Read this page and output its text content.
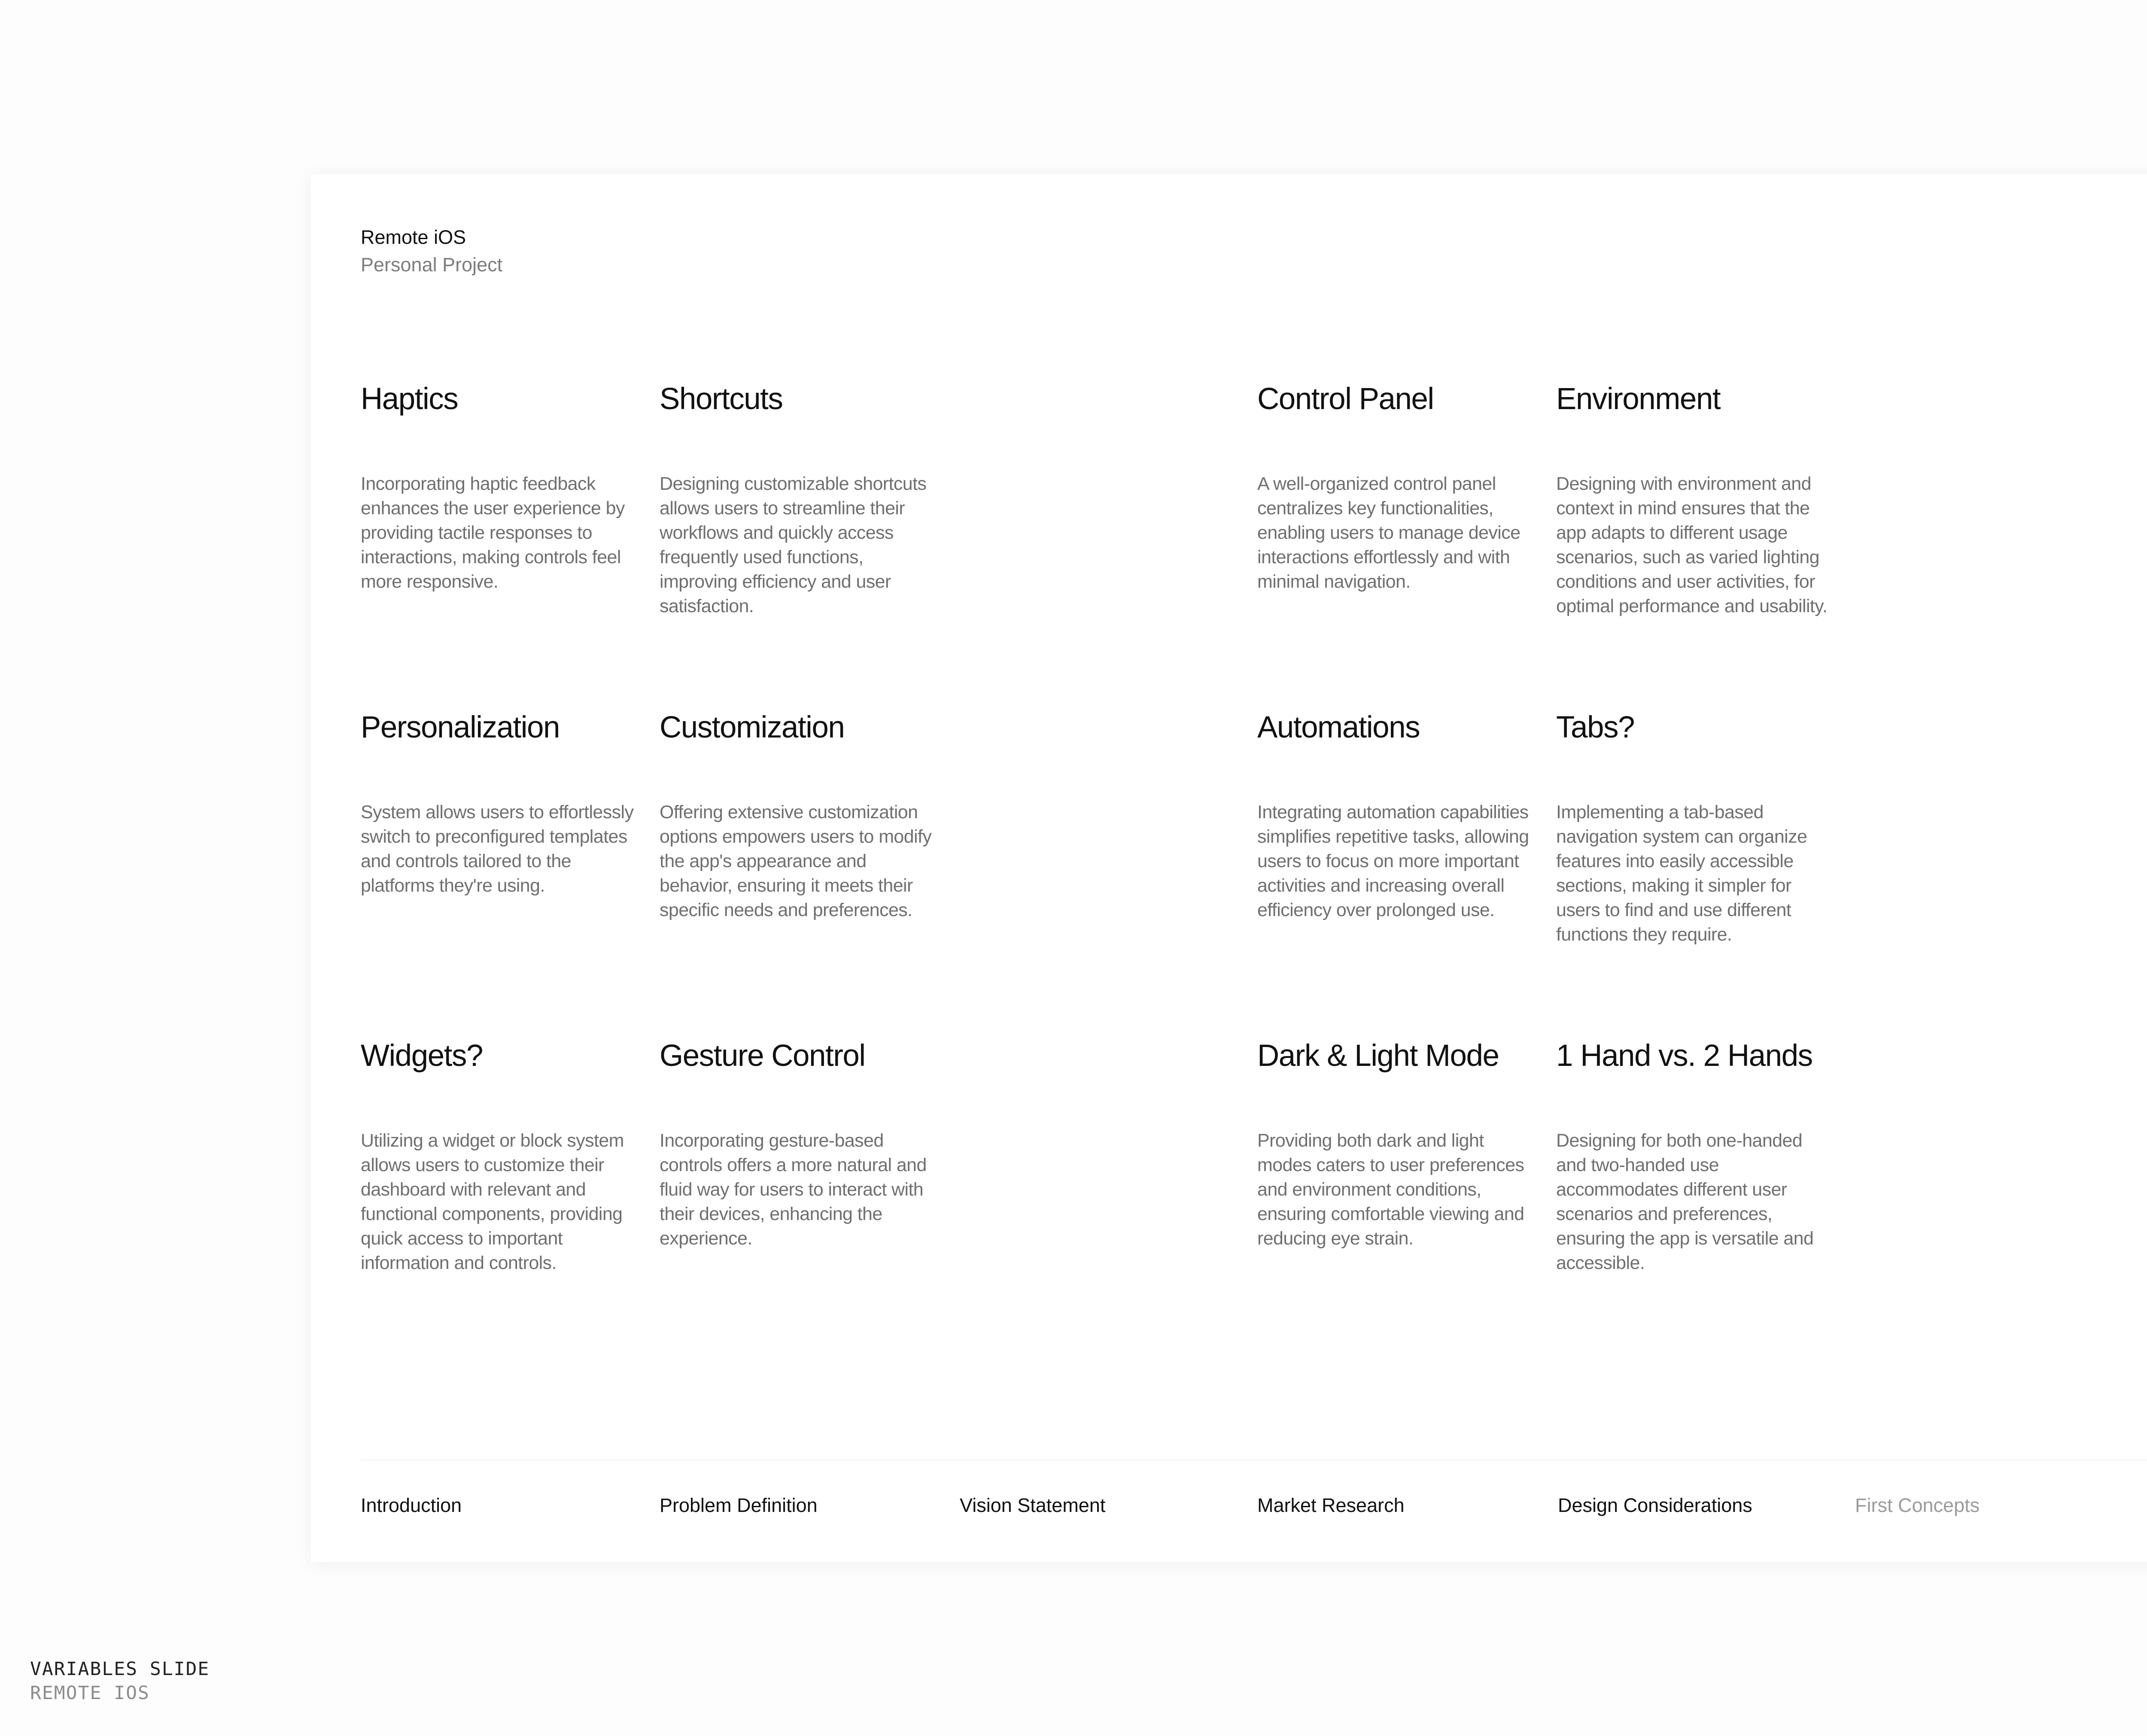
Remote iOS
Personal Project
Haptics

Incorporating haptic feedback enhances the user experience by providing tactile responses to interactions, making controls feel more responsive.

Shortcuts

Designing customizable shortcuts allows users to streamline their workflows and quickly access frequently used functions, improving efficiency and user satisfaction.

Control Panel

A well-organized control panel centralizes key functionalities, enabling users to manage device interactions effortlessly and with minimal navigation.

Environment

Designing with environment and context in mind ensures that the app adapts to different usage scenarios, such as varied lighting conditions and user activities, for optimal performance and usability.

Personalization

System allows users to effortlessly switch to preconfigured templates and controls tailored to the platforms they're using.

Customization

Offering extensive customization options empowers users to modify the app's appearance and behavior, ensuring it meets their specific needs and preferences.

Automations

Integrating automation capabilities simplifies repetitive tasks, allowing users to focus on more important activities and increasing overall efficiency over prolonged use.

Tabs?

Implementing a tab-based navigation system can organize features into easily accessible sections, making it simpler for users to find and use different functions they require.

Widgets?

Utilizing a widget or block system allows users to customize their dashboard with relevant and functional components, providing quick access to important information and controls.

Gesture Control

Incorporating gesture-based controls offers a more natural and fluid way for users to interact with their devices, enhancing the experience.

Dark & Light Mode

Providing both dark and light modes caters to user preferences and environment conditions, ensuring comfortable viewing and reducing eye strain.

1 Hand vs. 2 Hands

Designing for both one-handed and two-handed use accommodates different user scenarios and preferences, ensuring the app is versatile and accessible.

Introduction	Problem Definition	Vision Statement	Market Research	Design Considerations	First Concepts
VARIABLES SLIDE
REMOTE IOS
